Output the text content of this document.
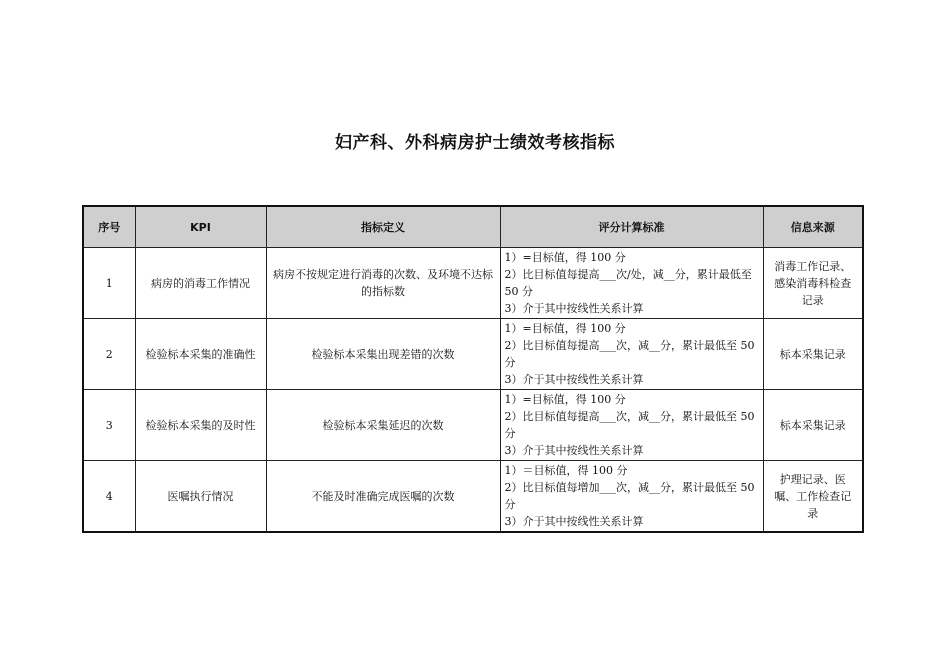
妇产科、外科病房护士绩效考核指标
序号	KPI	指标定义	评分计算标准	信息来源
1	病房的消毒工作情况	病房不按规定进行消毒的次数、及环境不达标的指标数	1）=目标值，得 100 分
2）比目标值每提高___次/处，减__分，累计最低至 50 分
3）介于其中按线性关系计算	消毒工作记录、感染消毒科检查记录
2	检验标本采集的准确性	检验标本采集出现差错的次数	1）=目标值，得 100 分
2）比目标值每提高___次，减__分，累计最低至 50 分
3）介于其中按线性关系计算	标本采集记录
3	检验标本采集的及时性	检验标本采集延迟的次数	1）=目标值，得 100 分
2）比目标值每提高___次，减__分，累计最低至 50 分
3）介于其中按线性关系计算	标本采集记录
4	医嘱执行情况	不能及时准确完成医嘱的次数	1）＝目标值，得 100 分
2）比目标值每增加___次，减__分，累计最低至 50 分
3）介于其中按线性关系计算	护理记录、医嘱、工作检查记录
